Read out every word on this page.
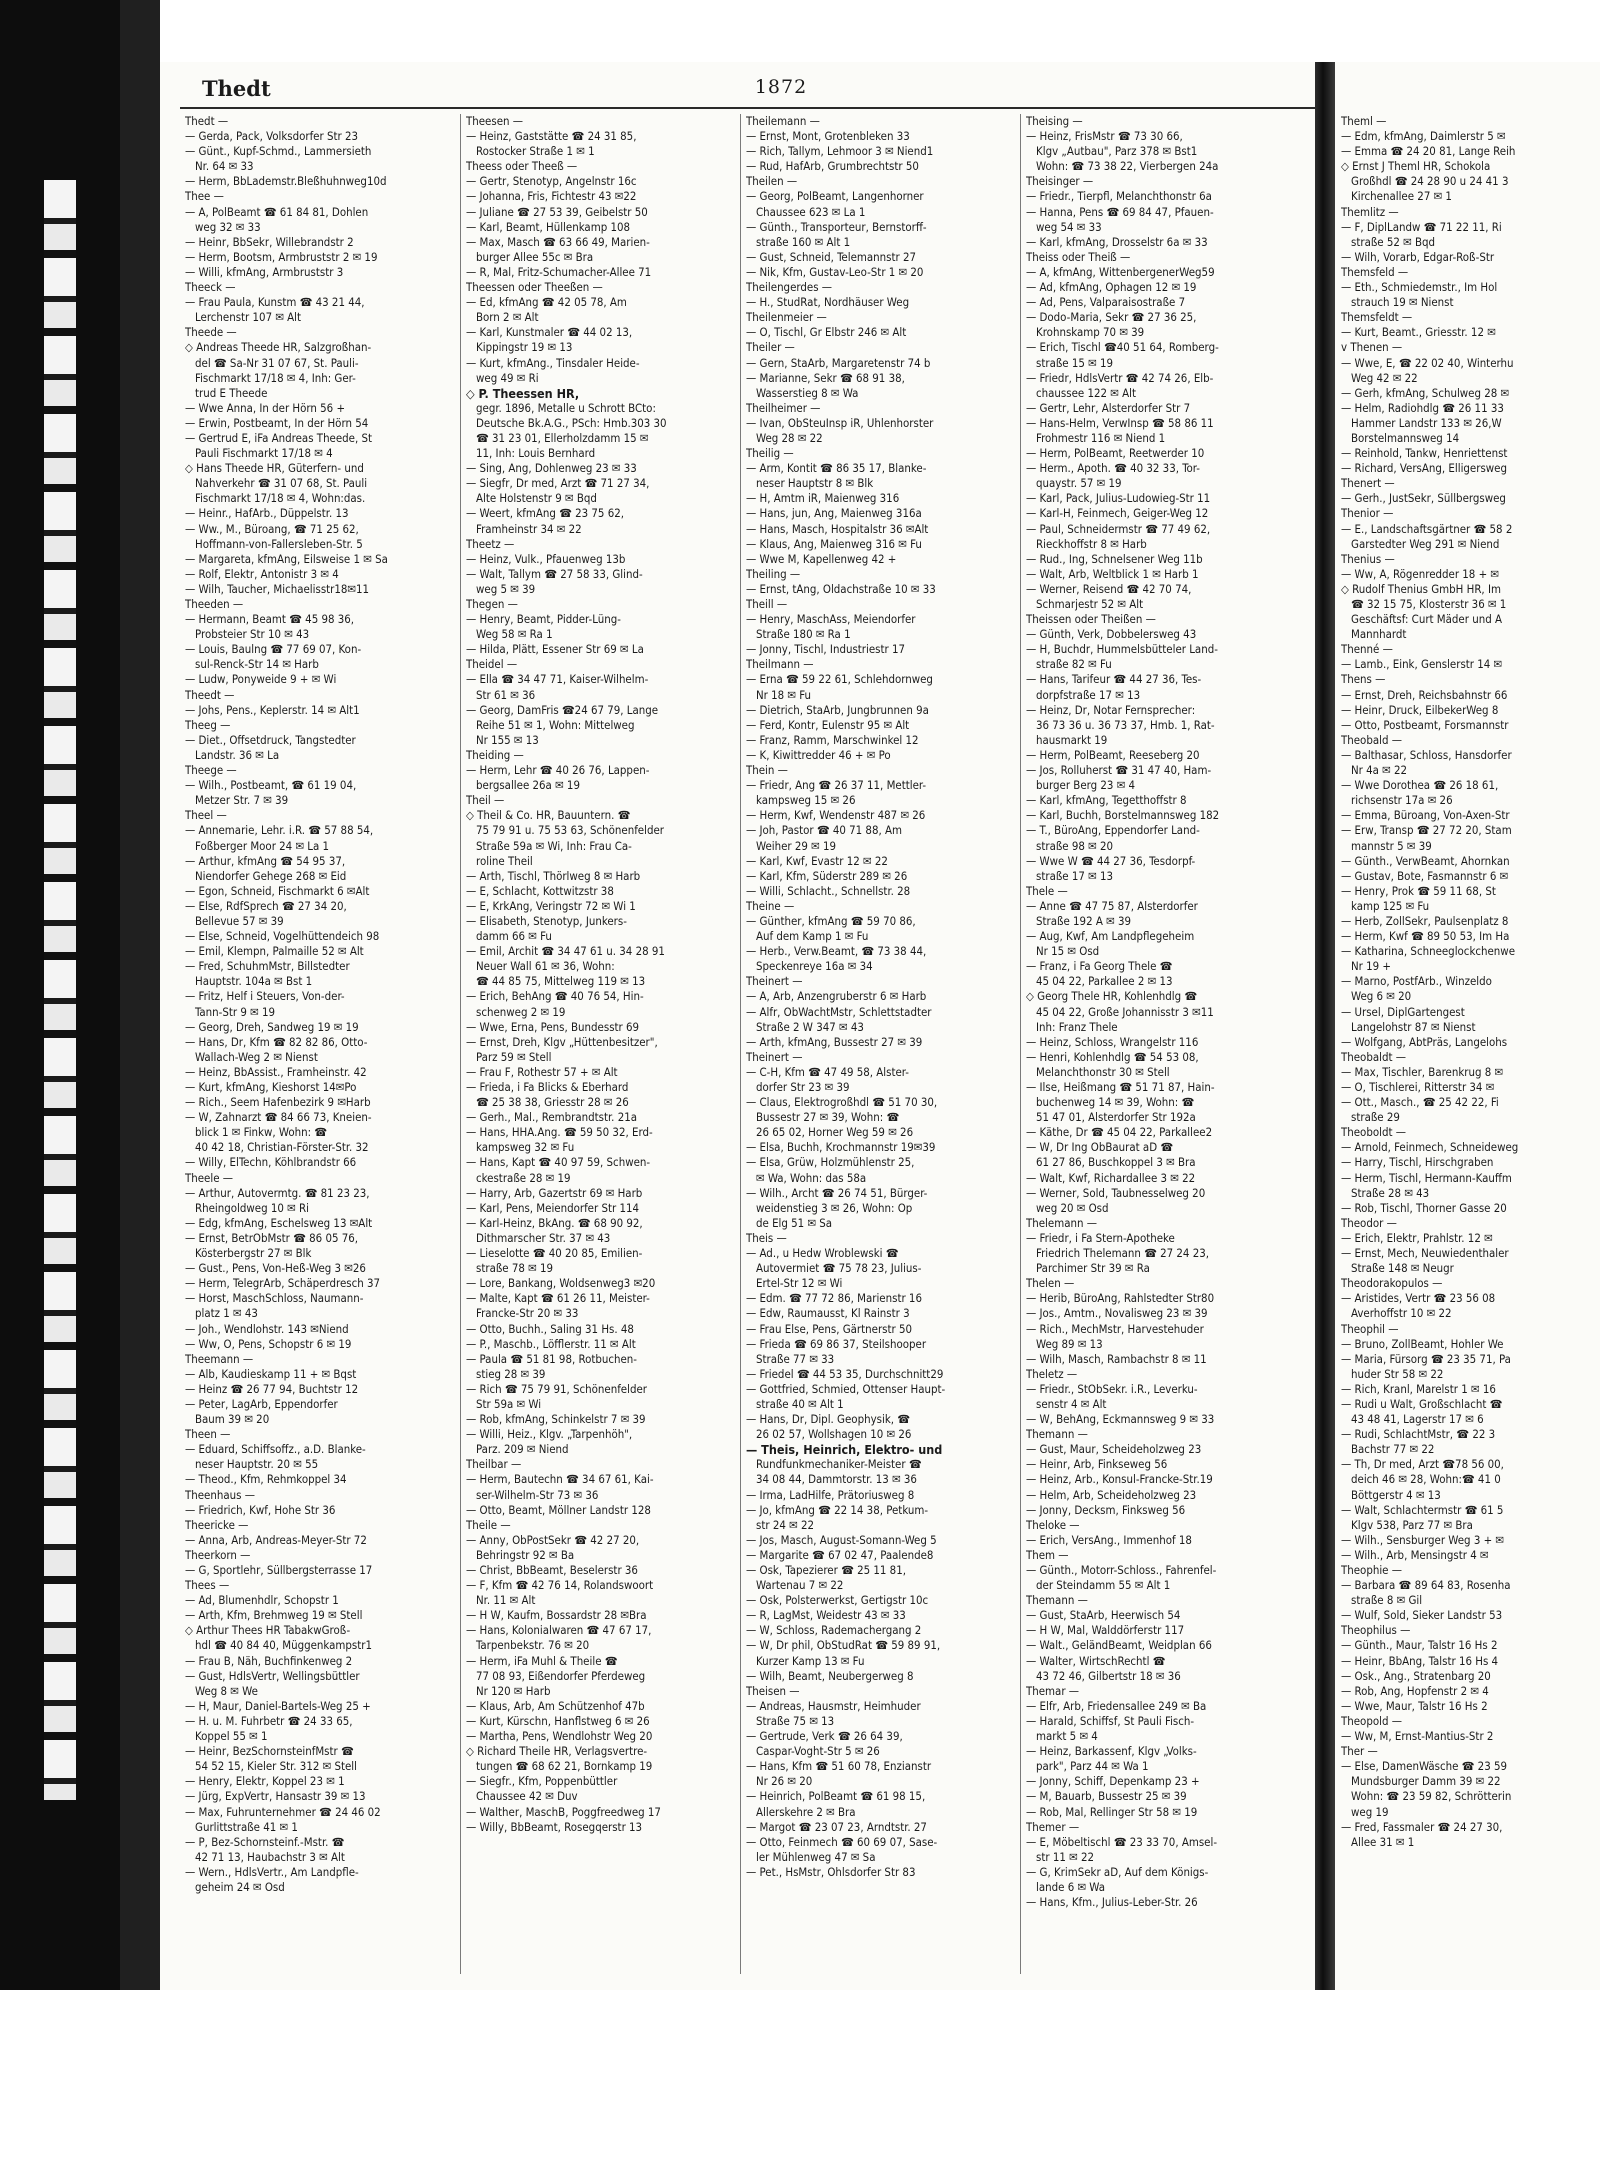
Thedt	1872
Thedt —
— Gerda, Pack, Volksdorfer Str 23
— Günt., Kupf-Schmd., Lammersieth
Nr. 64 ✉ 33
— Herm, BbLademstr.Bleßhuhnweg10d
Thee —
— A, PolBeamt ☎ 61 84 81, Dohlen
weg 32 ✉ 33
— Heinr, BbSekr, Willebrandstr 2
— Herm, Bootsm, Armbruststr 2 ✉ 19
— Willi, kfmAng, Armbruststr 3
Theeck —
— Frau Paula, Kunstm ☎ 43 21 44,
Lerchenstr 107 ✉ Alt
Theede —
◇ Andreas Theede HR, Salzgroßhan-
del ☎ Sa-Nr 31 07 67, St. Pauli-
Fischmarkt 17/18 ✉ 4, Inh: Ger-
trud E Theede
— Wwe Anna, In der Hörn 56 +
— Erwin, Postbeamt, In der Hörn 54
— Gertrud E, iFa Andreas Theede, St
Pauli Fischmarkt 17/18 ✉ 4
◇ Hans Theede HR, Güterfern- und
Nahverkehr ☎ 31 07 68, St. Pauli
Fischmarkt 17/18 ✉ 4, Wohn:das.
— Heinr., HafArb., Düppelstr. 13
— Ww., M., Büroang, ☎ 71 25 62,
Hoffmann-von-Fallersleben-Str. 5
— Margareta, kfmAng, Eilsweise 1 ✉ Sa
— Rolf, Elektr, Antonistr 3 ✉ 4
— Wilh, Taucher, Michaelisstr18✉11
Theeden —
— Hermann, Beamt ☎ 45 98 36,
Probsteier Str 10 ✉ 43
— Louis, Baulng ☎ 77 69 07, Kon-
sul-Renck-Str 14 ✉ Harb
— Ludw, Ponyweide 9 + ✉ Wi
Theedt —
— Johs, Pens., Keplerstr. 14 ✉ Alt1
Theeg —
— Diet., Offsetdruck, Tangstedter
Landstr. 36 ✉ La
Theege —
— Wilh., Postbeamt, ☎ 61 19 04,
Metzer Str. 7 ✉ 39
Theel —
— Annemarie, Lehr. i.R. ☎ 57 88 54,
Foßberger Moor 24 ✉ La 1
— Arthur, kfmAng ☎ 54 95 37,
Niendorfer Gehege 268 ✉ Eid
— Egon, Schneid, Fischmarkt 6 ✉Alt
— Else, RdfSprech ☎ 27 34 20,
Bellevue 57 ✉ 39
— Else, Schneid, Vogelhüttendeich 98
— Emil, Klempn, Palmaille 52 ✉ Alt
— Fred, SchuhmMstr, Billstedter
Hauptstr. 104a ✉ Bst 1
— Fritz, Helf i Steuers, Von-der-
Tann-Str 9 ✉ 19
— Georg, Dreh, Sandweg 19 ✉ 19
— Hans, Dr, Kfm ☎ 82 82 86, Otto-
Wallach-Weg 2 ✉ Nienst
— Heinz, BbAssist., Framheinstr. 42
— Kurt, kfmAng, Kieshorst 14✉Po
— Rich., Seem Hafenbezirk 9 ✉Harb
— W, Zahnarzt ☎ 84 66 73, Kneien-
blick 1 ✉ Finkw, Wohn: ☎
40 42 18, Christian-Förster-Str. 32
— Willy, ElTechn, Köhlbrandstr 66
Theele —
— Arthur, Autovermtg. ☎ 81 23 23,
Rheingoldweg 10 ✉ Ri
— Edg, kfmAng, Eschelsweg 13 ✉Alt
— Ernst, BetrObMstr ☎ 86 05 76,
Kösterbergstr 27 ✉ Blk
— Gust., Pens, Von-Heß-Weg 3 ✉26
— Herm, TelegrArb, Schäperdresch 37
— Horst, MaschSchloss, Naumann-
platz 1 ✉ 43
— Joh., Wendlohstr. 143 ✉Niend
— Ww, O, Pens, Schopstr 6 ✉ 19
Theemann —
— Alb, Kaudieskamp 11 + ✉ Bqst
— Heinz ☎ 26 77 94, Buchtstr 12
— Peter, LagArb, Eppendorfer
Baum 39 ✉ 20
Theen —
— Eduard, Schiffsoffz., a.D. Blanke-
neser Hauptstr. 20 ✉ 55
— Theod., Kfm, Rehmkoppel 34
Theenhaus —
— Friedrich, Kwf, Hohe Str 36
Theericke —
— Anna, Arb, Andreas-Meyer-Str 72
Theerkorn —
— G, Sportlehr, Süllbergsterrasse 17
Thees —
— Ad, Blumenhdlr, Schopstr 1
— Arth, Kfm, Brehmweg 19 ✉ Stell
◇ Arthur Thees HR TabakwGroß-
hdl ☎ 40 84 40, Müggenkampstr1
— Frau B, Näh, Buchfinkenweg 2
— Gust, HdlsVertr, Wellingsbüttler
Weg 8 ✉ We
— H, Maur, Daniel-Bartels-Weg 25 +
— H. u. M. Fuhrbetr ☎ 24 33 65,
Koppel 55 ✉ 1
— Heinr, BezSchornsteinfMstr ☎
54 52 15, Kieler Str. 312 ✉ Stell
— Henry, Elektr, Koppel 23 ✉ 1
— Jürg, ExpVertr, Hansastr 39 ✉ 13
— Max, Fuhrunternehmer ☎ 24 46 02
Gurlittstraße 41 ✉ 1
— P, Bez-Schornsteinf.-Mstr. ☎
42 71 13, Haubachstr 3 ✉ Alt
— Wern., HdlsVertr., Am Landpfle-
geheim 24 ✉ Osd
Theesen —
— Heinz, Gaststätte ☎ 24 31 85,
Rostocker Straße 1 ✉ 1
Theess oder Theeß —
— Gertr, Stenotyp, Angelnstr 16c
— Johanna, Fris, Fichtestr 43 ✉22
— Juliane ☎ 27 53 39, Geibelstr 50
— Karl, Beamt, Hüllenkamp 108
— Max, Masch ☎ 63 66 49, Marien-
burger Allee 55c ✉ Bra
— R, Mal, Fritz-Schumacher-Allee 71
Theessen oder Theeßen —
— Ed, kfmAng ☎ 42 05 78, Am
Born 2 ✉ Alt
— Karl, Kunstmaler ☎ 44 02 13,
Kippingstr 19 ✉ 13
— Kurt, kfmAng., Tinsdaler Heide-
weg 49 ✉ Ri
◇ P. Theessen HR,
gegr. 1896, Metalle u Schrott BCto:
Deutsche Bk.A.G., PSch: Hmb.303 30
☎ 31 23 01, Ellerholzdamm 15 ✉
11, Inh: Louis Bernhard
— Sing, Ang, Dohlenweg 23 ✉ 33
— Siegfr, Dr med, Arzt ☎ 71 27 34,
Alte Holstenstr 9 ✉ Bqd
— Weert, kfmAng ☎ 23 75 62,
Framheinstr 34 ✉ 22
Theetz —
— Heinz, Vulk., Pfauenweg 13b
— Walt, Tallym ☎ 27 58 33, Glind-
weg 5 ✉ 39
Thegen —
— Henry, Beamt, Pidder-Lüng-
Weg 58 ✉ Ra 1
— Hilda, Plätt, Essener Str 69 ✉ La
Theidel —
— Ella ☎ 34 47 71, Kaiser-Wilhelm-
Str 61 ✉ 36
— Georg, DamFris ☎24 67 79, Lange
Reihe 51 ✉ 1, Wohn: Mittelweg
Nr 155 ✉ 13
Theiding —
— Herm, Lehr ☎ 40 26 76, Lappen-
bergsallee 26a ✉ 19
Theil —
◇ Theil & Co. HR, Bauuntern. ☎
75 79 91 u. 75 53 63, Schönenfelder
Straße 59a ✉ Wi, Inh: Frau Ca-
roline Theil
— Arth, Tischl, Thörlweg 8 ✉ Harb
— E, Schlacht, Kottwitzstr 38
— E, KrkAng, Veringstr 72 ✉ Wi 1
— Elisabeth, Stenotyp, Junkers-
damm 66 ✉ Fu
— Emil, Archit ☎ 34 47 61 u. 34 28 91
Neuer Wall 61 ✉ 36, Wohn:
☎ 44 85 75, Mittelweg 119 ✉ 13
— Erich, BehAng ☎ 40 76 54, Hin-
schenweg 2 ✉ 19
— Wwe, Erna, Pens, Bundesstr 69
— Ernst, Dreh, Klgv „Hüttenbesitzer",
Parz 59 ✉ Stell
— Frau F, Rothestr 57 + ✉ Alt
— Frieda, i Fa Blicks & Eberhard
☎ 25 38 38, Griesstr 28 ✉ 26
— Gerh., Mal., Rembrandtstr. 21a
— Hans, HHA.Ang. ☎ 59 50 32, Erd-
kampsweg 32 ✉ Fu
— Hans, Kapt ☎ 40 97 59, Schwen-
ckestraße 28 ✉ 19
— Harry, Arb, Gazertstr 69 ✉ Harb
— Karl, Pens, Meiendorfer Str 114
— Karl-Heinz, BkAng. ☎ 68 90 92,
Dithmarscher Str. 37 ✉ 43
— Lieselotte ☎ 40 20 85, Emilien-
straße 78 ✉ 19
— Lore, Bankang, Woldsenweg3 ✉20
— Malte, Kapt ☎ 61 26 11, Meister-
Francke-Str 20 ✉ 33
— Otto, Buchh., Saling 31 Hs. 48
— P., Maschb., Löfflerstr. 11 ✉ Alt
— Paula ☎ 51 81 98, Rotbuchen-
stieg 28 ✉ 39
— Rich ☎ 75 79 91, Schönenfelder
Str 59a ✉ Wi
— Rob, kfmAng, Schinkelstr 7 ✉ 39
— Willi, Heiz., Klgv. „Tarpenhöh",
Parz. 209 ✉ Niend
Theilbar —
— Herm, Bautechn ☎ 34 67 61, Kai-
ser-Wilhelm-Str 73 ✉ 36
— Otto, Beamt, Möllner Landstr 128
Theile —
— Anny, ObPostSekr ☎ 42 27 20,
Behringstr 92 ✉ Ba
— Christ, BbBeamt, Beselerstr 36
— F, Kfm ☎ 42 76 14, Rolandswoort
Nr. 11 ✉ Alt
— H W, Kaufm, Bossardstr 28 ✉Bra
— Hans, Kolonialwaren ☎ 47 67 17,
Tarpenbekstr. 76 ✉ 20
— Herm, iFa Muhl & Theile ☎
77 08 93, Eißendorfer Pferdeweg
Nr 120 ✉ Harb
— Klaus, Arb, Am Schützenhof 47b
— Kurt, Kürschn, Hanflstweg 6 ✉ 26
— Martha, Pens, Wendlohstr Weg 20
◇ Richard Theile HR, Verlagsvertre-
tungen ☎ 68 62 21, Bornkamp 19
— Siegfr., Kfm, Poppenbüttler
Chaussee 42 ✉ Duv
— Walther, MaschB, Poggfreedweg 17
— Willy, BbBeamt, Rosegqerstr 13
Theilemann —
— Ernst, Mont, Grotenbleken 33
— Rich, Tallym, Lehmoor 3 ✉ Niend1
— Rud, HafArb, Grumbrechtstr 50
Theilen —
— Georg, PolBeamt, Langenhorner
Chaussee 623 ✉ La 1
— Günth., Transporteur, Bernstorff-
straße 160 ✉ Alt 1
— Gust, Schneid, Telemannstr 27
— Nik, Kfm, Gustav-Leo-Str 1 ✉ 20
Theilengerdes —
— H., StudRat, Nordhäuser Weg
Theilenmeier —
— O, Tischl, Gr Elbstr 246 ✉ Alt
Theiler —
— Gern, StaArb, Margaretenstr 74 b
— Marianne, Sekr ☎ 68 91 38,
Wasserstieg 8 ✉ Wa
Theilheimer —
— Ivan, ObSteuInsp iR, Uhlenhorster
Weg 28 ✉ 22
Theilig —
— Arm, Kontit ☎ 86 35 17, Blanke-
neser Hauptstr 8 ✉ Blk
— H, Amtm iR, Maienweg 316
— Hans, jun, Ang, Maienweg 316a
— Hans, Masch, Hospitalstr 36 ✉Alt
— Klaus, Ang, Maienweg 316 ✉ Fu
— Wwe M, Kapellenweg 42 +
Theiling —
— Ernst, tAng, Oldachstraße 10 ✉ 33
Theill —
— Henry, MaschAss, Meiendorfer
Straße 180 ✉ Ra 1
— Jonny, Tischl, Industriestr 17
Theilmann —
— Erna ☎ 59 22 61, Schlehdornweg
Nr 18 ✉ Fu
— Dietrich, StaArb, Jungbrunnen 9a
— Ferd, Kontr, Eulenstr 95 ✉ Alt
— Franz, Ramm, Marschwinkel 12
— K, Kiwittredder 46 + ✉ Po
Thein —
— Friedr, Ang ☎ 26 37 11, Mettler-
kampsweg 15 ✉ 26
— Herm, Kwf, Wendenstr 487 ✉ 26
— Joh, Pastor ☎ 40 71 88, Am
Weiher 29 ✉ 19
— Karl, Kwf, Evastr 12 ✉ 22
— Karl, Kfm, Süderstr 289 ✉ 26
— Willi, Schlacht., Schnellstr. 28
Theine —
— Günther, kfmAng ☎ 59 70 86,
Auf dem Kamp 1 ✉ Fu
— Herb., Verw.Beamt, ☎ 73 38 44,
Speckenreye 16a ✉ 34
Theinert —
— A, Arb, Anzengruberstr 6 ✉ Harb
— Alfr, ObWachtMstr, Schlettstadter
Straße 2 W 347 ✉ 43
— Arth, kfmAng, Bussestr 27 ✉ 39
Theinert —
— C-H, Kfm ☎ 47 49 58, Alster-
dorfer Str 23 ✉ 39
— Claus, Elektrogroßhdl ☎ 51 70 30,
Bussestr 27 ✉ 39, Wohn: ☎
26 65 02, Horner Weg 59 ✉ 26
— Elsa, Buchh, Krochmannstr 19✉39
— Elsa, Grüw, Holzmühlenstr 25,
✉ Wa, Wohn: das 58a
— Wilh., Archt ☎ 26 74 51, Bürger-
weidenstieg 3 ✉ 26, Wohn: Op
de Elg 51 ✉ Sa
Theis —
— Ad., u Hedw Wroblewski ☎
Autovermiet ☎ 75 78 23, Julius-
Ertel-Str 12 ✉ Wi
— Edm. ☎ 77 72 86, Marienstr 16
— Edw, Raumausst, Kl Rainstr 3
— Frau Else, Pens, Gärtnerstr 50
— Frieda ☎ 69 86 37, Steilshooper
Straße 77 ✉ 33
— Friedel ☎ 44 53 35, Durchschnitt29
— Gottfried, Schmied, Ottenser Haupt-
straße 40 ✉ Alt 1
— Hans, Dr, Dipl. Geophysik, ☎
26 02 57, Wollshagen 10 ✉ 26
— Theis, Heinrich, Elektro- und
Rundfunkmechaniker-Meister ☎
34 08 44, Dammtorstr. 13 ✉ 36
— Irma, LadHilfe, Prätoriusweg 8
— Jo, kfmAng ☎ 22 14 38, Petkum-
str 24 ✉ 22
— Jos, Masch, August-Somann-Weg 5
— Margarite ☎ 67 02 47, Paalende8
— Osk, Tapezierer ☎ 25 11 81,
Wartenau 7 ✉ 22
— Osk, Polsterwerkst, Gertigstr 10c
— R, LagMst, Weidestr 43 ✉ 33
— W, Schloss, Rademachergang 2
— W, Dr phil, ObStudRat ☎ 59 89 91,
Kurzer Kamp 13 ✉ Fu
— Wilh, Beamt, Neubergerweg 8
Theisen —
— Andreas, Hausmstr, Heimhuder
Straße 75 ✉ 13
— Gertrude, Verk ☎ 26 64 39,
Caspar-Voght-Str 5 ✉ 26
— Hans, Kfm ☎ 51 60 78, Enzianstr
Nr 26 ✉ 20
— Heinrich, PolBeamt ☎ 61 98 15,
Allerskehre 2 ✉ Bra
— Margot ☎ 23 07 23, Arndtstr. 27
— Otto, Feinmech ☎ 60 69 07, Sase-
ler Mühlenweg 47 ✉ Sa
— Pet., HsMstr, Ohlsdorfer Str 83
Theising —
— Heinz, FrisMstr ☎ 73 30 66,
Klgv „Autbau", Parz 378 ✉ Bst1
Wohn: ☎ 73 38 22, Vierbergen 24a
Theisinger —
— Friedr., Tierpfl, Melanchthonstr 6a
— Hanna, Pens ☎ 69 84 47, Pfauen-
weg 54 ✉ 33
— Karl, kfmAng, Drosselstr 6a ✉ 33
Theiss oder Theiß —
— A, kfmAng, WittenbergenerWeg59
— Ad, kfmAng, Ophagen 12 ✉ 19
— Ad, Pens, Valparaisostraße 7
— Dodo-Maria, Sekr ☎ 27 36 25,
Krohnskamp 70 ✉ 39
— Erich, Tischl ☎40 51 64, Romberg-
straße 15 ✉ 19
— Friedr, HdlsVertr ☎ 42 74 26, Elb-
chaussee 122 ✉ Alt
— Gertr, Lehr, Alsterdorfer Str 7
— Hans-Helm, VerwInsp ☎ 58 86 11
Frohmestr 116 ✉ Niend 1
— Herm, PolBeamt, Reetwerder 10
— Herm., Apoth. ☎ 40 32 33, Tor-
quaystr. 57 ✉ 19
— Karl, Pack, Julius-Ludowieg-Str 11
— Karl-H, Feinmech, Geiger-Weg 12
— Paul, Schneidermstr ☎ 77 49 62,
Rieckhoffstr 8 ✉ Harb
— Rud., Ing, Schnelsener Weg 11b
— Walt, Arb, Weltblick 1 ✉ Harb 1
— Werner, Reisend ☎ 42 70 74,
Schmarjestr 52 ✉ Alt
Theissen oder Theißen —
— Günth, Verk, Dobbelersweg 43
— H, Buchdr, Hummelsbütteler Land-
straße 82 ✉ Fu
— Hans, Tarifeur ☎ 44 27 36, Tes-
dorpfstraße 17 ✉ 13
— Heinz, Dr, Notar Fernsprecher:
36 73 36 u. 36 73 37, Hmb. 1, Rat-
hausmarkt 19
— Herm, PolBeamt, Reeseberg 20
— Jos, Rolluherst ☎ 31 47 40, Ham-
burger Berg 23 ✉ 4
— Karl, kfmAng, Tegetthoffstr 8
— Karl, Buchh, Borstelmannsweg 182
— T., BüroAng, Eppendorfer Land-
straße 98 ✉ 20
— Wwe W ☎ 44 27 36, Tesdorpf-
straße 17 ✉ 13
Thele —
— Anne ☎ 47 75 87, Alsterdorfer
Straße 192 A ✉ 39
— Aug, Kwf, Am Landpflegeheim
Nr 15 ✉ Osd
— Franz, i Fa Georg Thele ☎
45 04 22, Parkallee 2 ✉ 13
◇ Georg Thele HR, Kohlenhdlg ☎
45 04 22, Große Johannisstr 3 ✉11
Inh: Franz Thele
— Heinz, Schloss, Wrangelstr 116
— Henri, Kohlenhdlg ☎ 54 53 08,
Melanchthonstr 30 ✉ Stell
— Ilse, Heißmang ☎ 51 71 87, Hain-
buchenweg 14 ✉ 39, Wohn: ☎
51 47 01, Alsterdorfer Str 192a
— Käthe, Dr ☎ 45 04 22, Parkallee2
— W, Dr Ing ObBaurat aD ☎
61 27 86, Buschkoppel 3 ✉ Bra
— Walt, Kwf, Richardallee 3 ✉ 22
— Werner, Sold, Taubnesselweg 20
weg 20 ✉ Osd
Thelemann —
— Friedr, i Fa Stern-Apotheke
Friedrich Thelemann ☎ 27 24 23,
Parchimer Str 39 ✉ Ra
Thelen —
— Herib, BüroAng, Rahlstedter Str80
— Jos., Amtm., Novalisweg 23 ✉ 39
— Rich., MechMstr, Harvestehuder
Weg 89 ✉ 13
— Wilh, Masch, Rambachstr 8 ✉ 11
Theletz —
— Friedr., StObSekr. i.R., Leverku-
senstr 4 ✉ Alt
— W, BehAng, Eckmannsweg 9 ✉ 33
Themann —
— Gust, Maur, Scheideholzweg 23
— Heinr, Arb, Finkseweg 56
— Heinz, Arb., Konsul-Francke-Str.19
— Helm, Arb, Scheideholzweg 23
— Jonny, Decksm, Finksweg 56
Theloke —
— Erich, VersAng., Immenhof 18
Them —
— Günth., Motorr-Schloss., Fahrenfel-
der Steindamm 55 ✉ Alt 1
Themann —
— Gust, StaArb, Heerwisch 54
— H W, Mal, Walddörferstr 117
— Walt., GeländBeamt, Weidplan 66
— Walter, WirtschRechtl ☎
43 72 46, Gilbertstr 18 ✉ 36
Themar —
— Elfr, Arb, Friedensallee 249 ✉ Ba
— Harald, Schiffsf, St Pauli Fisch-
markt 5 ✉ 4
— Heinz, Barkassenf, Klgv „Volks-
park", Parz 44 ✉ Wa 1
— Jonny, Schiff, Depenkamp 23 +
— M, Bauarb, Bussestr 25 ✉ 39
— Rob, Mal, Rellinger Str 58 ✉ 19
Themer —
— E, Möbeltischl ☎ 23 33 70, Amsel-
str 11 ✉ 22
— G, KrimSekr aD, Auf dem Königs-
lande 6 ✉ Wa
— Hans, Kfm., Julius-Leber-Str. 26
Theml —
— Edm, kfmAng, Daimlerstr 5 ✉
— Emma ☎ 24 20 81, Lange Reih
◇ Ernst J Theml HR, Schokola
Großhdl ☎ 24 28 90 u 24 41 3
Kirchenallee 27 ✉ 1
Themlitz —
— F, DiplLandw ☎ 71 22 11, Ri
straße 52 ✉ Bqd
— Wilh, Vorarb, Edgar-Roß-Str
Themsfeld —
— Eth., Schmiedemstr., Im Hol
strauch 19 ✉ Nienst
Themsfeldt —
— Kurt, Beamt., Griesstr. 12 ✉
v Thenen —
— Wwe, E, ☎ 22 02 40, Winterhu
Weg 42 ✉ 22
— Gerh, kfmAng, Schulweg 28 ✉
— Helm, Radiohdlg ☎ 26 11 33
Hammer Landstr 133 ✉ 26,W
Borstelmannsweg 14
— Reinhold, Tankw, Henriettenst
— Richard, VersAng, Elligersweg
Thenert —
— Gerh., JustSekr, Süllbergsweg
Thenior —
— E., Landschaftsgärtner ☎ 58 2
Garstedter Weg 291 ✉ Niend
Thenius —
— Ww, A, Rögenredder 18 + ✉
◇ Rudolf Thenius GmbH HR, Im
☎ 32 15 75, Klosterstr 36 ✉ 1
Geschäftsf: Curt Mäder und A
Mannhardt
Thenné —
— Lamb., Eink, Genslerstr 14 ✉
Thens —
— Ernst, Dreh, Reichsbahnstr 66
— Heinr, Druck, EilbekerWeg 8
— Otto, Postbeamt, Forsmannstr
Theobald —
— Balthasar, Schloss, Hansdorfer
Nr 4a ✉ 22
— Wwe Dorothea ☎ 26 18 61,
richsenstr 17a ✉ 26
— Emma, Büroang, Von-Axen-Str
— Erw, Transp ☎ 27 72 20, Stam
mannstr 5 ✉ 39
— Günth., VerwBeamt, Ahornkan
— Gustav, Bote, Fasmannstr 6 ✉
— Henry, Prok ☎ 59 11 68, St
kamp 125 ✉ Fu
— Herb, ZollSekr, Paulsenplatz 8
— Herm, Kwf ☎ 89 50 53, Im Ha
— Katharina, Schneeglockchenwe
Nr 19 +
— Marno, PostfArb., Winzeldo
Weg 6 ✉ 20
— Ursel, DiplGartengest
Langelohstr 87 ✉ Nienst
— Wolfgang, AbtPräs, Langelohs
Theobaldt —
— Max, Tischler, Barenkrug 8 ✉
— O, Tischlerei, Ritterstr 34 ✉
— Ott., Masch., ☎ 25 42 22, Fi
straße 29
Theoboldt —
— Arnold, Feinmech, Schneideweg
— Harry, Tischl, Hirschgraben
— Herm, Tischl, Hermann-Kauffm
Straße 28 ✉ 43
— Rob, Tischl, Thorner Gasse 20
Theodor —
— Erich, Elektr, Prahlstr. 12 ✉
— Ernst, Mech, Neuwiedenthaler
Straße 148 ✉ Neugr
Theodorakopulos —
— Aristides, Vertr ☎ 23 56 08
Averhoffstr 10 ✉ 22
Theophil —
— Bruno, ZollBeamt, Hohler We
— Maria, Fürsorg ☎ 23 35 71, Pa
huder Str 58 ✉ 22
— Rich, Kranl, Marelstr 1 ✉ 16
— Rudi u Walt, Großschlacht ☎
43 48 41, Lagerstr 17 ✉ 6
— Rudi, SchlachtMstr, ☎ 22 3
Bachstr 77 ✉ 22
— Th, Dr med, Arzt ☎78 56 00,
deich 46 ✉ 28, Wohn:☎ 41 0
Böttgerstr 4 ✉ 13
— Walt, Schlachtermstr ☎ 61 5
Klgv 538, Parz 77 ✉ Bra
— Wilh., Sensburger Weg 3 + ✉
— Wilh., Arb, Mensingstr 4 ✉
Theophie —
— Barbara ☎ 89 64 83, Rosenha
straße 8 ✉ Gil
— Wulf, Sold, Sieker Landstr 53
Theophilus —
— Günth., Maur, Talstr 16 Hs 2
— Heinr, BbAng, Talstr 16 Hs 4
— Osk., Ang., Stratenbarg 20
— Rob, Ang, Hopfenstr 2 ✉ 4
— Wwe, Maur, Talstr 16 Hs 2
Theopold —
— Ww, M, Ernst-Mantius-Str 2
Ther —
— Else, DamenWäsche ☎ 23 59
Mundsburger Damm 39 ✉ 22
Wohn: ☎ 23 59 82, Schrötterin
weg 19
— Fred, Fassmaler ☎ 24 27 30,
Allee 31 ✉ 1
